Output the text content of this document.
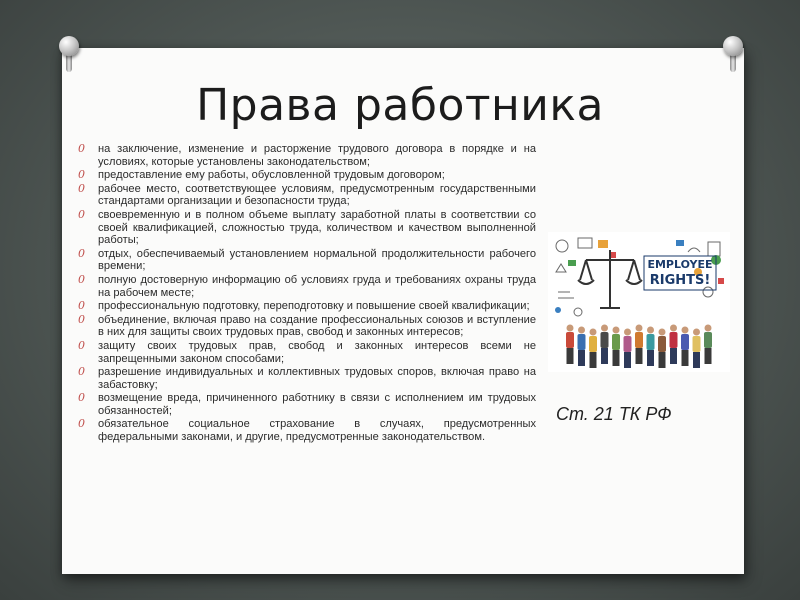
Права работника
0 на заключение, изменение и расторжение трудового договора в порядке и на условиях, которые установлены законодательством;
0 предоставление ему работы, обусловленной трудовым договором;
0 рабочее место, соответствующее условиям, предусмотренным государственными стандартами организации и безопасности труда;
0 своевременную и в полном объеме выплату заработной платы в соответствии со своей квалификацией, сложностью труда, количеством и качеством выполненной работы;
0 отдых, обеспечиваемый установлением нормальной продолжительности рабочего времени;
0 полную достоверную информацию об условиях груда и требованиях охраны труда на рабочем месте;
0 профессиональную подготовку, переподготовку и повышение своей квалификации;
0 объединение, включая право на создание профессиональных союзов и вступление в них для защиты своих трудовых прав, свобод и законных интересов;
0 защиту своих трудовых прав, свобод и законных интересов всеми не запрещенными законом способами;
0 разрешение индивидуальных и коллективных трудовых споров, включая право на забастовку;
0 возмещение вреда, причиненного работнику в связи с исполнением им трудовых обязанностей;
0 обязательное социальное страхование в случаях, предусмотренных федеральными законами, и другие, предусмотренные законодательством.
EMPLOYEE
RIGHTS!
Ст. 21 ТК РФ
